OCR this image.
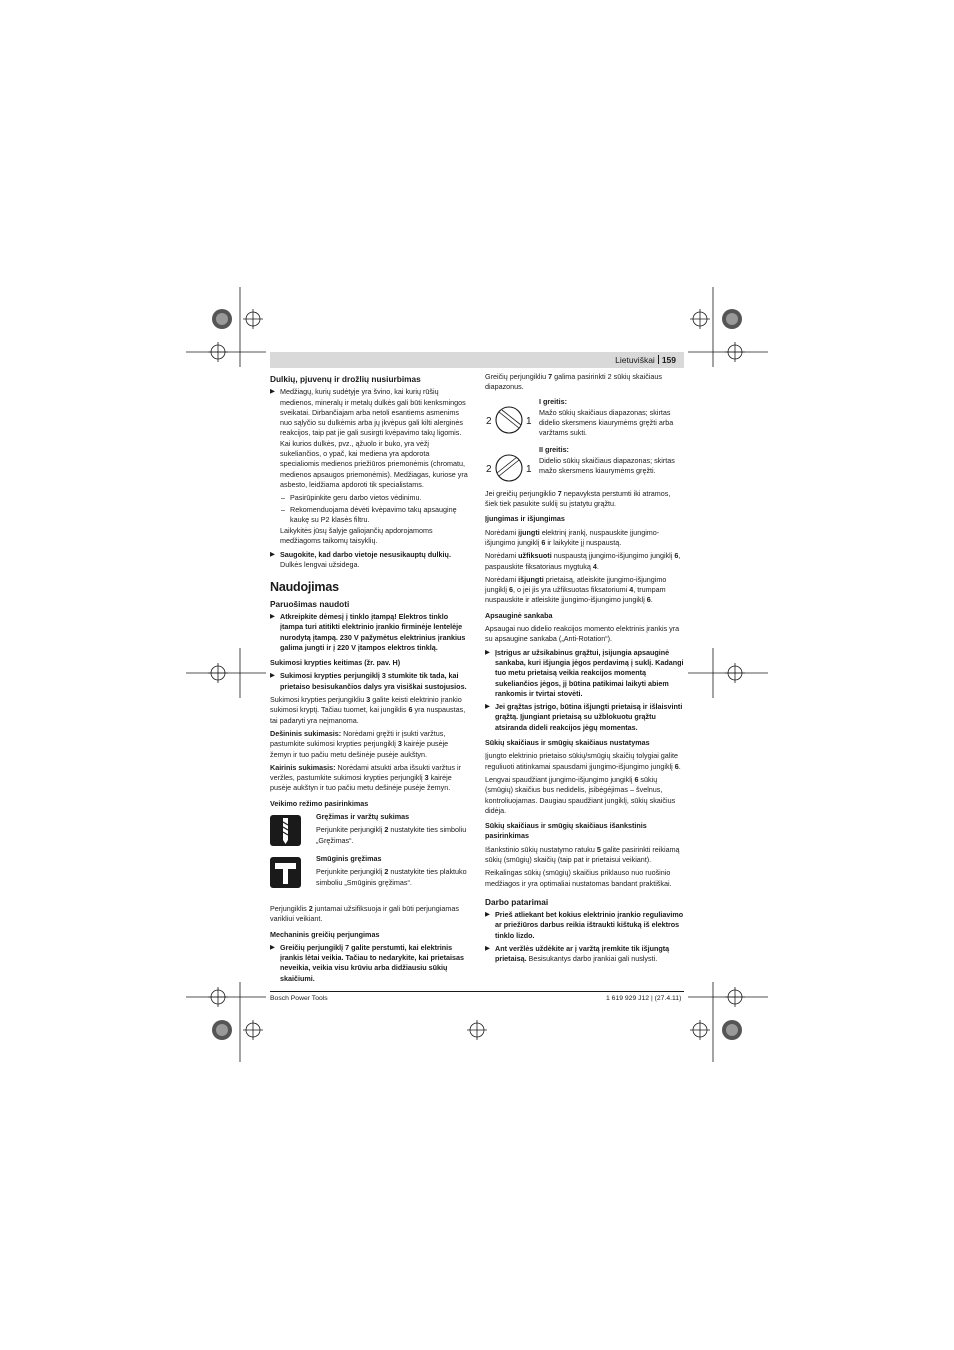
Lietuviškai 159
Dulkių, pjuvenų ir drožlių nusiurbimas
▶ Medžiagų, kurių sudėtyje yra švino, kai kurių rūšių medienos, mineralų ir metalų dulkės gali būti kenksmingos sveikatai. Dirbančiajam arba netoli esantiems asmenims nuo sąlyčio su dulkėmis arba jų įkvėpus gali kilti alerginės reakcijos, taip pat jie gali susirgti kvėpavimo takų ligomis. Kai kurios dulkės, pvz., ąžuolo ir buko, yra vėžį sukeliančios, o ypač, kai mediena yra apdorota specialiomis medienos priežiūros priemonėmis (chromatu, medienos apsaugos priemonėmis). Medžiagas, kuriose yra asbesto, leidžiama apdoroti tik specialistams.
– Pasirūpinkite geru darbo vietos vėdinimu.
– Rekomenduojama dėvėti kvėpavimo takų apsauginę kaukę su P2 klasės filtru.

Laikykitės jūsų šalyje galiojančių apdorojamoms medžiagoms taikomų taisyklių.

▶ Saugokite, kad darbo vietoje nesusikauptų dulkių. Dulkės lengvai užsidega.
Naudojimas
Paruošimas naudoti
▶ Atkreipkite dėmesį į tinklo įtampą! Elektros tinklo įtampa turi atitikti elektrinio įrankio firminėje lentelėje nurodytą įtampą. 230 V pažymėtus elektrinius įrankius galima jungti ir į 220 V įtampos elektros tinklą.
Sukimosi krypties keitimas (žr. pav. H)
▶ Sukimosi krypties perjungiklį 3 stumkite tik tada, kai prietaiso besisukančios dalys yra visiškai sustojusios.

Sukimosi krypties perjungikliu 3 galite keisti elektrinio įrankio sukimosi kryptį. Tačiau tuomet, kai jungiklis 6 yra nuspaustas, tai padaryti yra neįmanoma.

Dešininis sukimasis: Norėdami gręžti ir įsukti varžtus, pastumkite sukimosi krypties perjungiklį 3 kairėje pusėje žemyn ir tuo pačiu metu dešinėje pusėje aukštyn.

Kairinis sukimasis: Norėdami atsukti arba išsukti varžtus ir veržles, pastumkite sukimosi krypties perjungiklį 3 kairėje pusėje aukštyn ir tuo pačiu metu dešinėje pusėje žemyn.

Veikimo režimo pasirinkimas
Gręžimas ir varžtų sukimas
Perjunkite perjungiklį 2 nustatykite ties simboliu „Gręžimas“.
Smūginis gręžimas
Perjunkite perjungiklį 2 nustatykite ties plaktuko simboliu „Smūginis gręžimas“.

Perjungiklis 2 juntamai užsifiksuoja ir gali būti perjungiamas varikliui veikiant.

Mechaninis greičių perjungimas
▶ Greičių perjungiklį 7 galite perstumti, kai elektrinis įrankis lėtai veikia. Tačiau to nedarykite, kai prietaisas neveikia, veikia visu krūviu arba didžiausiu sūkių skaičiumi.

Greičių perjungikliu 7 galima pasirinkti 2 sūkių skaičiaus diapazonus.

2	1
I greitis:
Mažo sūkių skaičiaus diapazonas; skirtas didelio skersmens kiaurymėms gręžti arba varžtams sukti.
2	1
II greitis:
Didelio sūkių skaičiaus diapazonas; skirtas mažo skersmens kiaurymėms gręžti.

Jei greičių perjungiklio 7 nepavyksta perstumti iki atramos, šiek tiek pasukite sukliį su įstatytu grąžtu.

Įjungimas ir išjungimas

Norėdami įjungti elektrinį įrankį, nuspauskite įjungimo-išjungimo jungiklį 6 ir laikykite jį nuspaustą.

Norėdami užfiksuoti nuspaustą įjungimo-išjungimo jungiklį 6, paspauskite fiksatoriaus mygtuką 4.

Norėdami išjungti prietaisą, atleiskite įjungimo-išjungimo jungiklį 6, o jei jis yra užfiksuotas fiksatoriumi 4, trumpam nuspauskite ir atleiskite įjungimo-išjungimo jungiklį 6.

Apsauginė sankaba

Apsaugai nuo didelio reakcijos momento elektrinis įrankis yra su apsaugine sankaba („Anti-Rotation“).

▶ Įstrigus ar užsikabinus grąžtui, įsijungia apsauginė sankaba, kuri išjungia jėgos perdavimą į suklį. Kadangi tuo metu prietaisą veikia reakcijos momentą sukeliančios jėgos, jį būtina patikimai laikyti abiem rankomis ir tvirtai stovėti.
▶ Jei grąžtas įstrigo, būtina išjungti prietaisą ir išlaisvinti grąžtą. Įjungiant prietaisą su užblokuotu grąžtu atsiranda dideli reakcijos jėgų momentas.
Sūkių skaičiaus ir smūgių skaičiaus nustatymas

Įjungto elektrinio prietaiso sūkių/smūgių skaičių tolygiai galite reguliuoti atitinkamai spausdami įjungimo-išjungimo jungiklį 6.

Lengvai spaudžiant įjungimo-išjungimo jungiklį 6 sūkių (smūgių) skaičius bus nedidelis, įsibėgėjimas – švelnus, kontroliuojamas. Daugiau spaudžiant jungiklį, sūkių skaičius didėja.

Sūkių skaičiaus ir smūgių skaičiaus išankstinis pasirinkimas

Išankstinio sūkių nustatymo ratuku 5 galite pasirinkti reikiamą sūkių (smūgių) skaičių (taip pat ir prietaisui veikiant).

Reikalingas sūkių (smūgių) skaičius priklauso nuo ruošinio medžiagos ir yra optimaliai nustatomas bandant praktiškai.

Darbo patarimai
▶ Prieš atliekant bet kokius elektrinio įrankio reguliavimo ar priežiūros darbus reikia ištraukti kištuką iš elektros tinklo lizdo.
▶ Ant veržlės uždėkite ar į varžtą įremkite tik išjungtą prietaisą. Besisukantys darbo įrankiai gali nuslysti.
Bosch Power Tools	1 619 929 J12 | (27.4.11)
